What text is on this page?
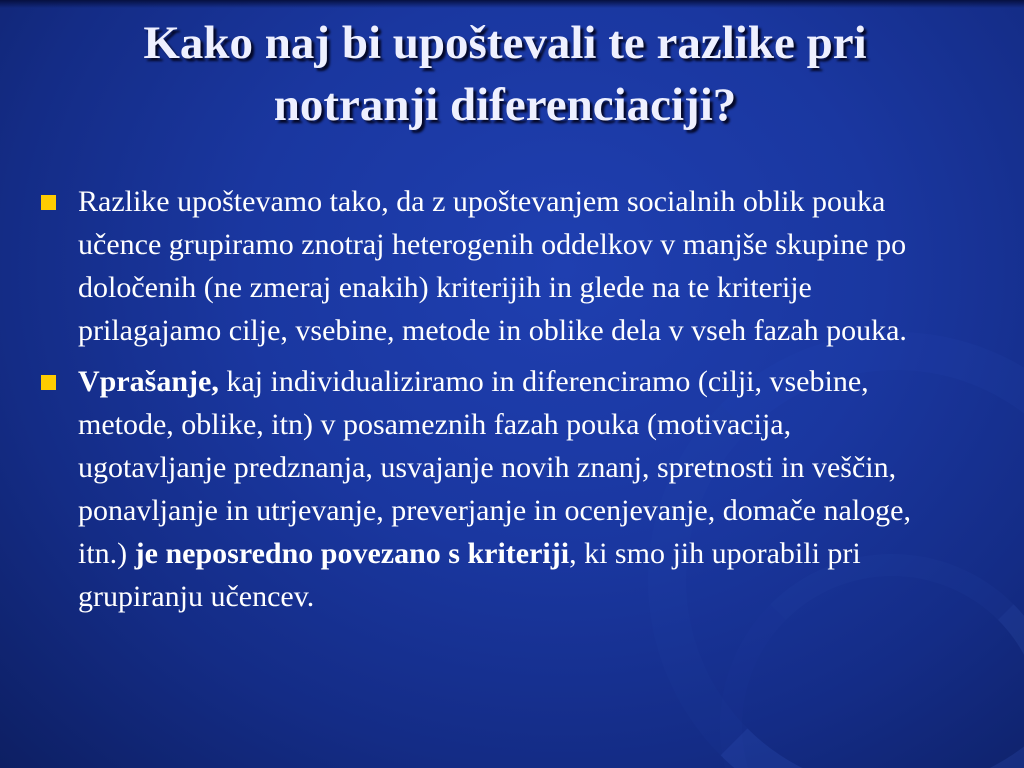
Kako naj bi upoštevali te razlike pri
notranji diferenciaciji?
Razlike upoštevamo tako, da z upoštevanjem socialnih oblik pouka učence grupiramo znotraj heterogenih oddelkov v manjše skupine po določenih (ne zmeraj enakih) kriterijih in glede na te kriterije prilagajamo cilje, vsebine, metode in oblike dela v vseh fazah pouka.
Vprašanje, kaj individualiziramo in diferenciramo (cilji, vsebine, metode, oblike, itn) v posameznih fazah pouka (motivacija, ugotavljanje predznanja, usvajanje novih znanj, spretnosti in veščin, ponavljanje in utrjevanje, preverjanje in ocenjevanje, domače naloge, itn.) je neposredno povezano s kriteriji, ki smo jih uporabili pri grupiranju učencev.
